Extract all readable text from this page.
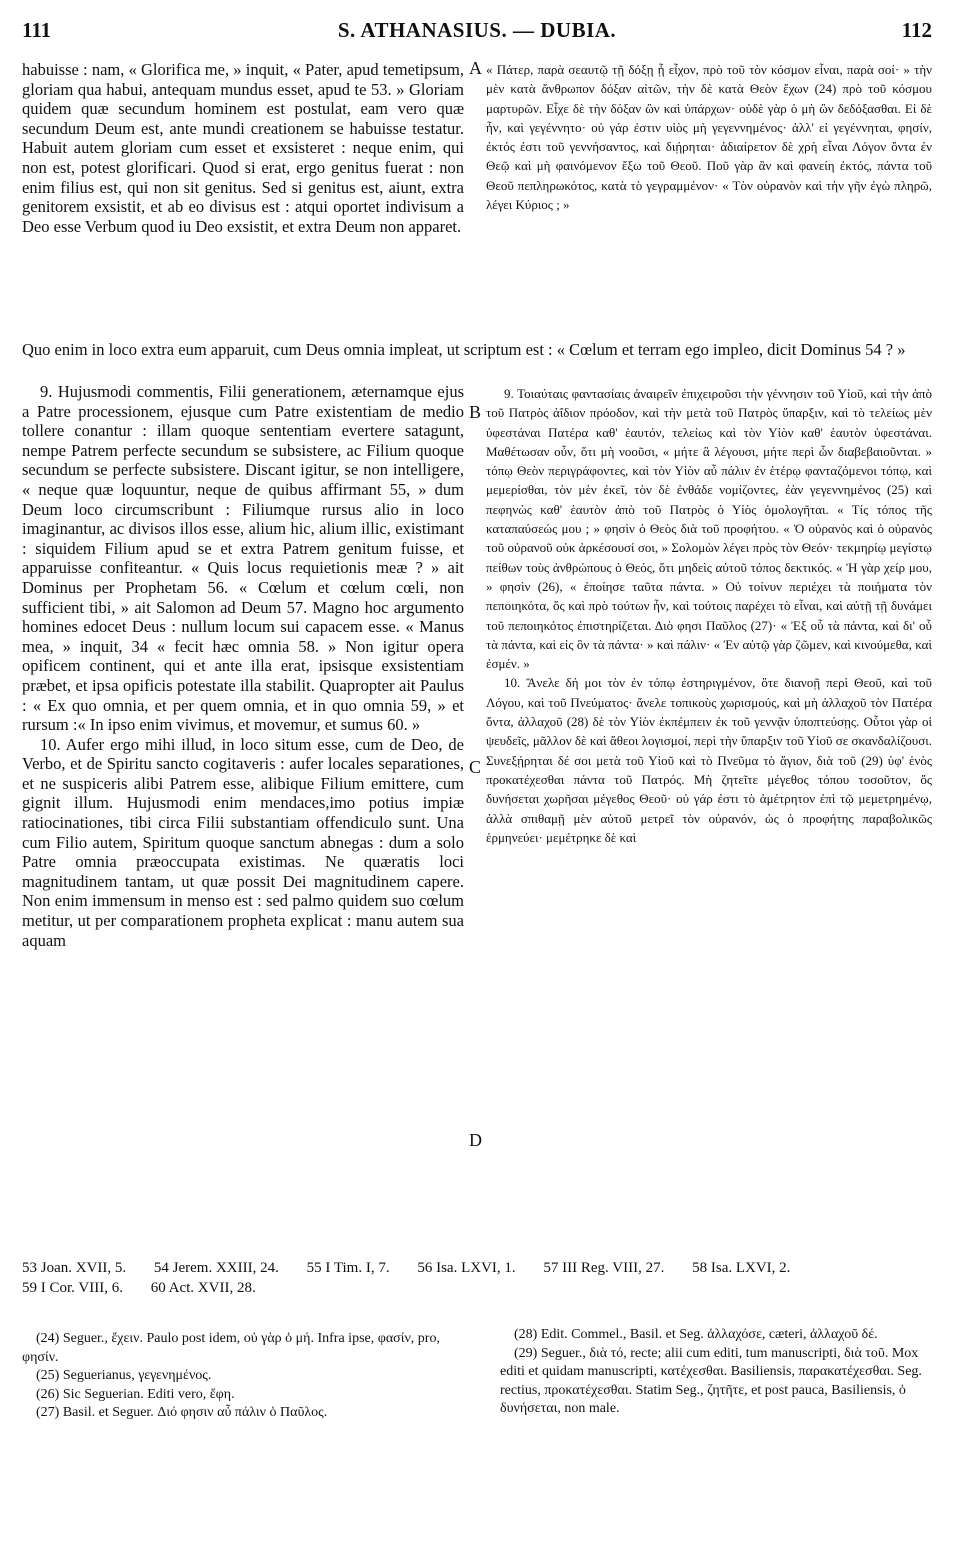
111	S. ATHANASIUS. — DUBIA.	112

habuisse : nam, « Glorifica me, » inquit, « Pater, apud temetipsum, gloriam qua habui, antequam mundus esset, apud te 53. » Gloriam quidem quæ secundum hominem est postulat, eam vero quæ secundum Deum est, ante mundi creationem se habuisse testatur. Habuit autem gloriam cum esset et exsisteret : neque enim, qui non est, potest glorificari. Quod si erat, ergo genitus fuerat : non enim filius est, qui non sit genitus. Sed si genitus est, aiunt, extra genitorem exsistit, et ab eo divisus est : atqui oportet indivisum a Deo esse Verbum quod iu Deo exsistit, et extra Deum non apparet.

« Πάτερ, παρὰ σεαυτῷ τῇ δόξῃ ᾗ εἶχον, πρὸ τοῦ τὸν κόσμον εἶναι, παρὰ σοί· » τὴν μὲν κατὰ ἄνθρωπον δόξαν αἰτῶν, τὴν δὲ κατὰ Θεὸν ἔχων (24) πρὸ τοῦ κόσμου μαρτυρῶν. Εἶχε δὲ τὴν δόξαν ὢν καὶ ὑπάρχων· οὐδὲ γὰρ ὁ μὴ ὢν δεδόξασθαι. Εἰ δὲ ἦν, καὶ γεγέννητο· οὐ γάρ ἐστιν υἱὸς μὴ γεγεννημένος· ἀλλ' εἰ γεγέννηται, φησίν, ἐκτός ἐστι τοῦ γεννήσαντος, καὶ διῄρηται· ἀδιαίρετον δὲ χρὴ εἶναι Λόγον ὄντα ἐν Θεῷ καὶ μὴ φαινόμενον ἔξω τοῦ Θεοῦ. Ποῦ γὰρ ἂν καὶ φανείη ἐκτός, πάντα τοῦ Θεοῦ πεπληρωκότος, κατὰ τὸ γεγραμμένον· « Τὸν οὐρανὸν καὶ τὴν γῆν ἐγὼ πληρῶ, λέγει Κύριος ; »

Quo enim in loco extra eum apparuit, cum Deus omnia impleat, ut scriptum est : « Cœlum et terram ego impleo, dicit Dominus 54 ? »

9. Hujusmodi commentis, Filii generationem, æternamque ejus a Patre processionem, ejusque cum Patre existentiam de medio tollere conantur : illam quoque sententiam evertere satagunt, nempe Patrem perfecte secundum se subsistere, ac Filium quoque secundum se perfecte subsistere. Discant igitur, se non intelligere, « neque quæ loquuntur, neque de quibus affirmant 55, » dum Deum loco circumscribunt : Filiumque rursus alio in loco imaginantur, ac divisos illos esse, alium hic, alium illic, existimant : siquidem Filium apud se et extra Patrem genitum fuisse, et apparuisse confiteantur. « Quis locus requietionis meæ ? » ait Dominus per Prophetam 56. « Cœlum et cœlum cœli, non sufficient tibi, » ait Salomon ad Deum 57. Magno hoc argumento homines edocet Deus : nullum locum sui capacem esse. « Manus mea, » inquit, 34 « fecit hæc omnia 58. » Non igitur opera opificem continent, qui et ante illa erat, ipsisque exsistentiam præbet, et ipsa opificis potestate illa stabilit. Quapropter ait Paulus : « Ex quo omnia, et per quem omnia, et in quo omnia 59, » et rursum :« In ipso enim vivimus, et movemur, et sumus 60. »

10. Aufer ergo mihi illud, in loco situm esse, cum de Deo, de Verbo, et de Spiritu sancto cogitaveris : aufer locales separationes, et ne suspiceris alibi Patrem esse, alibique Filium emittere, cum gignit illum. Hujusmodi enim mendaces,imo potius impiæ ratiocinationes, tibi circa Filii substantiam offendiculo sunt. Una cum Filio autem, Spiritum quoque sanctum abnegas : dum a solo Patre omnia præoccupata existimas. Ne quæratis loci magnitudinem tantam, ut quæ possit Dei magnitudinem capere. Non enim immensum in menso est : sed palmo quidem suo cœlum metitur, ut per comparationem propheta explicat : manu autem sua aquam

9. Τοιαύταις φαντασίαις ἀναιρεῖν ἐπιχειροῦσι τὴν γέννησιν τοῦ Υἱοῦ, καὶ τὴν ἀπὸ τοῦ Πατρὸς ἀΐδιον πρόοδον, καὶ τὴν μετὰ τοῦ Πατρὸς ὕπαρξιν, καὶ τὸ τελείως μὲν ὑφεστάναι Πατέρα καθ' ἑαυτόν, τελείως καὶ τὸν Υἱὸν καθ' ἑαυτὸν ὑφεστάναι. Μαθέτωσαν οὖν, ὅτι μὴ νοοῦσι, « μήτε ἃ λέγουσι, μήτε περὶ ὧν διαβεβαιοῦνται. » τόπῳ Θεὸν περιγράφοντες, καὶ τὸν Υἱὸν αὖ πάλιν ἐν ἑτέρῳ φανταζόμενοι τόπῳ, καὶ μεμερίσθαι, τὸν μὲν ἐκεῖ, τὸν δὲ ἐνθάδε νομίζοντες, ἐὰν γεγεννημένος (25) καὶ πεφηνὼς καθ' ἑαυτὸν ἀπὸ τοῦ Πατρὸς ὁ Υἱὸς ὁμολογῆται. « Τίς τόπος τῆς καταπαύσεώς μου ; » φησὶν ὁ Θεὸς διὰ τοῦ προφήτου. « Ὁ οὐρανὸς καὶ ὁ οὐρανὸς τοῦ οὐρανοῦ οὐκ ἀρκέσουσί σοι, » Σολομὼν λέγει πρὸς τὸν Θεόν· τεκμηρίῳ μεγίστῳ πείθων τοὺς ἀνθρώπους ὁ Θεός, ὅτι μηδεὶς αὐτοῦ τόπος δεκτικός. « Ἡ γὰρ χείρ μου, » φησὶν (26), « ἐποίησε ταῦτα πάντα. » Οὐ τοίνυν περιέχει τὰ ποιήματα τὸν πεποιηκότα, ὅς καὶ πρὸ τούτων ἦν, καὶ τούτοις παρέχει τὸ εἶναι, καὶ αὐτῇ τῇ δυνάμει τοῦ πεποιηκότος ἐπιστηρίζεται. Διὸ φησι Παῦλος (27)· « Ἐξ οὗ τὰ πάντα, καὶ δι' οὗ τὰ πάντα, καὶ εἰς ὃν τὰ πάντα· » καὶ πάλιν· « Ἐν αὐτῷ γὰρ ζῶμεν, καὶ κινούμεθα, καὶ ἐσμέν. »

10. Ἄνελε δή μοι τὸν ἐν τόπῳ ἐστηριγμένον, ὅτε διανοῇ περὶ Θεοῦ, καὶ τοῦ Λόγου, καὶ τοῦ Πνεύματος· ἄνελε τοπικοὺς χωρισμούς, καὶ μὴ ἀλλαχοῦ τὸν Πατέρα ὄντα, ἀλλαχοῦ (28) δὲ τὸν Υἱὸν ἐκπέμπειν ἐκ τοῦ γεννᾷν ὑποπτεύσῃς. Οὗτοι γὰρ οἱ ψευδεῖς, μᾶλλον δὲ καὶ ἄθεοι λογισμοί, περὶ τὴν ὕπαρξιν τοῦ Υἱοῦ σε σκανδαλίζουσι. Συνεξῄρηται δέ σοι μετὰ τοῦ Υἱοῦ καὶ τὸ Πνεῦμα τὸ ἅγιον, διὰ τοῦ (29) ὑφ' ἑνὸς προκατέχεσθαι πάντα τοῦ Πατρός. Μὴ ζητεῖτε μέγεθος τόπου τοσοῦτον, ὅς δυνήσεται χωρῆσαι μέγεθος Θεοῦ· οὐ γάρ ἐστι τὸ ἀμέτρητον ἐπὶ τῷ μεμετρημένῳ, ἀλλὰ σπιθαμῇ μὲν αὐτοῦ μετρεῖ τὸν οὐρανόν, ὡς ὁ προφήτης παραβολικῶς ἑρμηνεύει· μεμέτρηκε δὲ καὶ

A
B
C
D
53 Joan. XVII, 5. 54 Jerem. XXIII, 24. 55 I Tim. I, 7. 56 Isa. LXVI, 1. 57 III Reg. VIII, 27. 58 Isa. LXVI, 2.
59 I Cor. VIII, 6. 60 Act. XVII, 28.

(24) Seguer., ἔχειν. Paulo post idem, οὐ γὰρ ὁ μή. Infra ipse, φασίν, pro, φησίν.

(25) Seguerianus, γεγενημένος.

(26) Sic Seguerian. Editi vero, ἔφη.

(27) Basil. et Seguer. Διό φησιν αὖ πάλιν ὁ Παῦλος.

(28) Edit. Commel., Basil. et Seg. ἀλλαχόσε, cæteri, ἀλλαχοῦ δέ.

(29) Seguer., διὰ τό, recte; alii cum editi, tum manuscripti, διὰ τοῦ. Mox editi et quidam manuscripti, κατέχεσθαι. Basiliensis, παρακατέχεσθαι. Seg. rectius, προκατέχεσθαι. Statim Seg., ζητῆτε, et post pauca, Basiliensis, ὁ δυνήσεται, non male.
